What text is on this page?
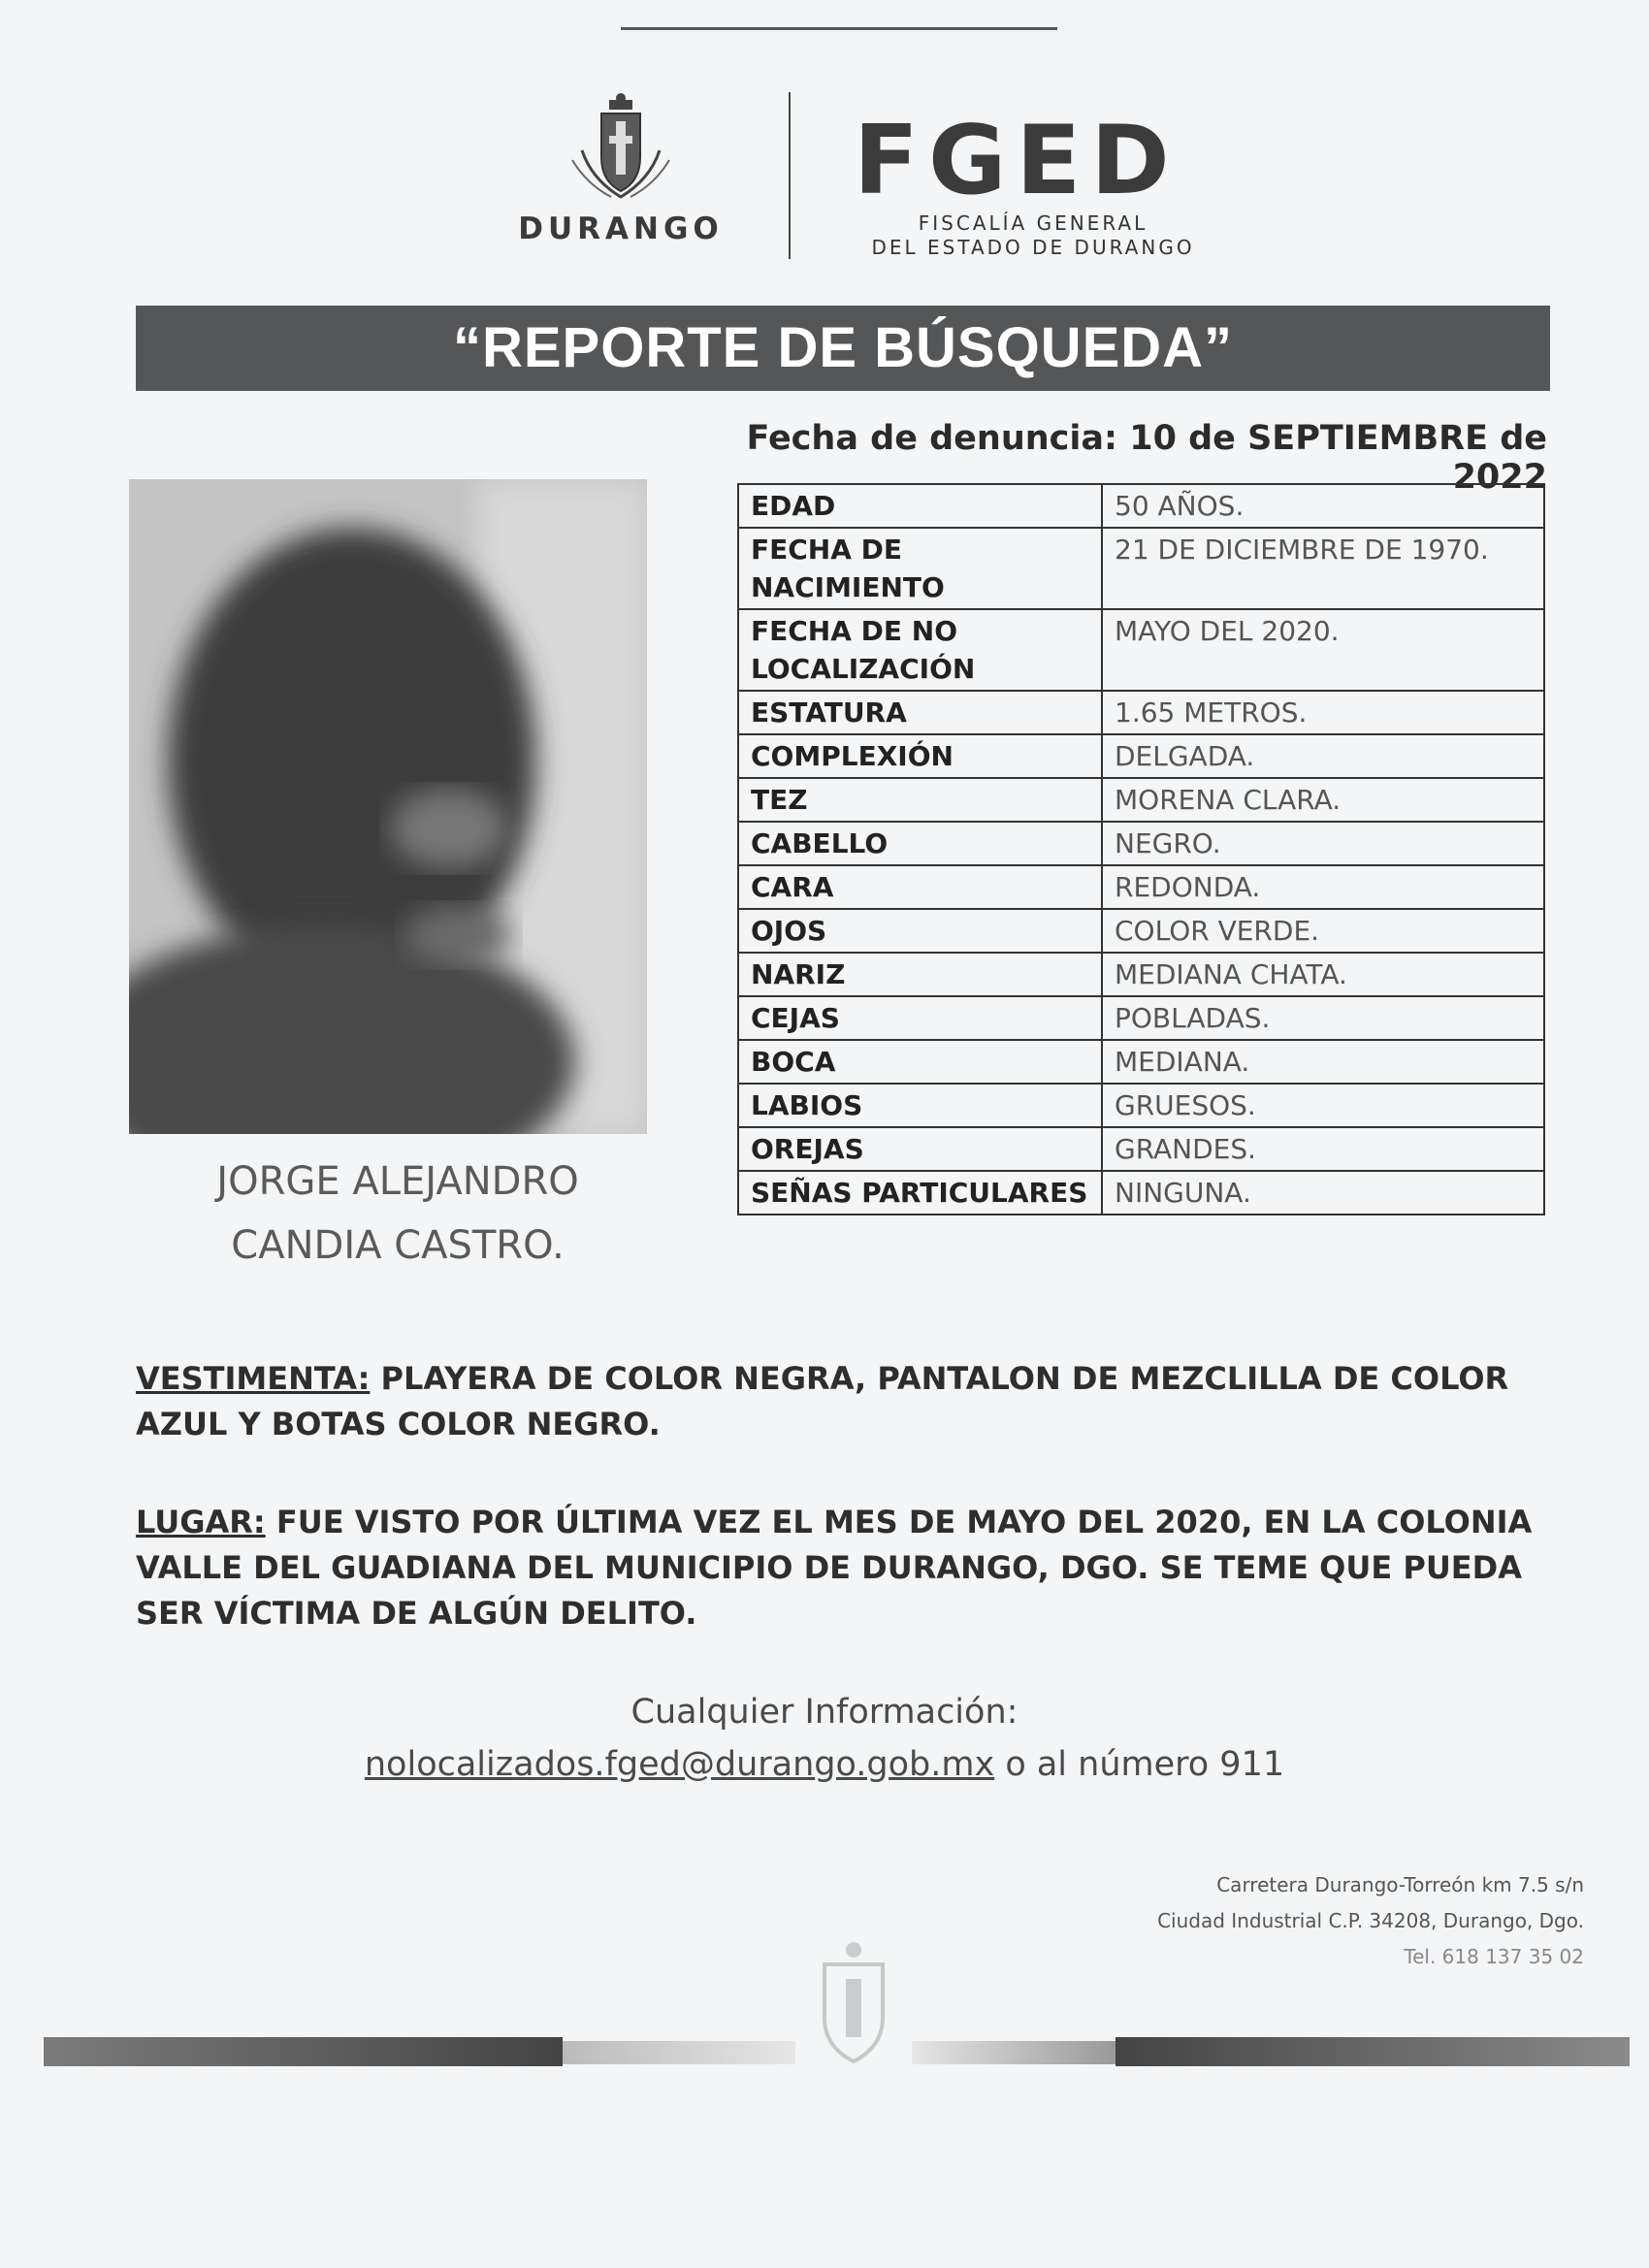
DURANGO
FGED
FISCALÍA GENERAL
DEL ESTADO DE DURANGO
“REPORTE DE BÚSQUEDA”
Fecha de denuncia: 10 de SEPTIEMBRE de 2022
JORGE ALEJANDRO
CANDIA CASTRO.
EDAD	50 AÑOS.
FECHA DE NACIMIENTO	21 DE DICIEMBRE DE 1970.
FECHA DE NO LOCALIZACIÓN	MAYO DEL 2020.
ESTATURA	1.65 METROS.
COMPLEXIÓN	DELGADA.
TEZ	MORENA CLARA.
CABELLO	NEGRO.
CARA	REDONDA.
OJOS	COLOR VERDE.
NARIZ	MEDIANA CHATA.
CEJAS	POBLADAS.
BOCA	MEDIANA.
LABIOS	GRUESOS.
OREJAS	GRANDES.
SEÑAS PARTICULARES	NINGUNA.
VESTIMENTA: PLAYERA DE COLOR NEGRA, PANTALON DE MEZCLILLA DE COLOR AZUL Y BOTAS COLOR NEGRO.
LUGAR: FUE VISTO POR ÚLTIMA VEZ EL MES DE MAYO DEL 2020, EN LA COLONIA VALLE DEL GUADIANA DEL MUNICIPIO DE DURANGO, DGO. SE TEME QUE PUEDA SER VÍCTIMA DE ALGÚN DELITO.
Cualquier Información:
nolocalizados.fged@durango.gob.mx o al número 911
Carretera Durango-Torreón km 7.5 s/n
Ciudad Industrial C.P. 34208, Durango, Dgo.
Tel. 618 137 35 02
